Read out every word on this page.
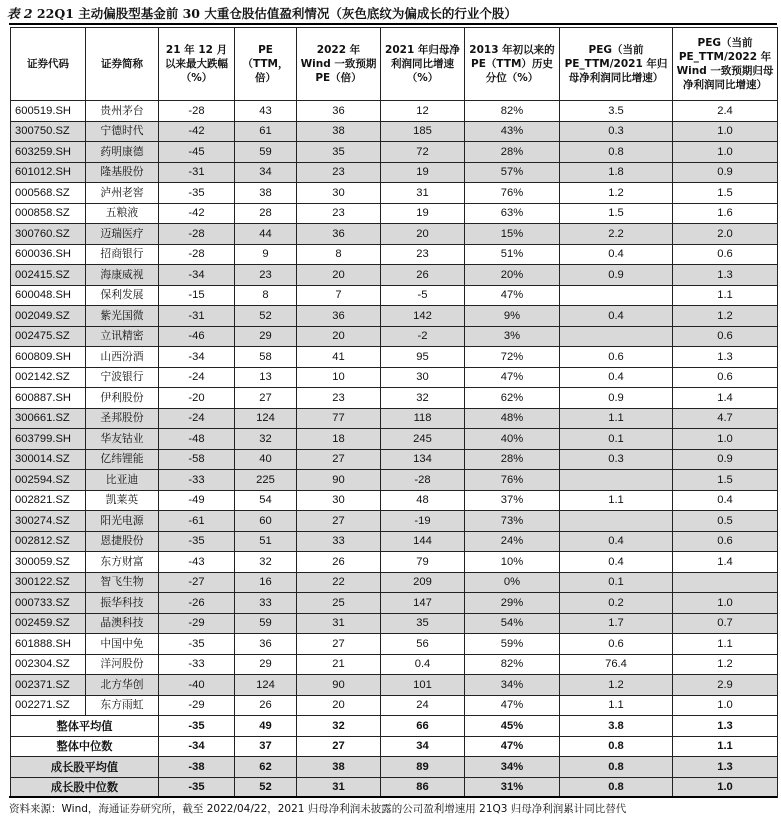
表 2 22Q1 主动偏股型基金前 30 大重仓股估值盈利情况（灰色底纹为偏成长的行业个股）
证券代码	证券简称	21 年 12 月以来最大跌幅（%）	PE（TTM，倍）	2022 年 Wind 一致预期 PE（倍）	2021 年归母净利润同比增速（%）	2013 年初以来的 PE（TTM）历史分位（%）	PEG（当前 PE_TTM/2021 年归母净利润同比增速）	PEG（当前 PE_TTM/2022 年 Wind 一致预期归母净利润同比增速）
600519.SH	贵州茅台	-28	43	36	12	82%	3.5	2.4
300750.SZ	宁德时代	-42	61	38	185	43%	0.3	1.0
603259.SH	药明康德	-45	59	35	72	28%	0.8	1.0
601012.SH	隆基股份	-31	34	23	19	57%	1.8	0.9
000568.SZ	泸州老窖	-35	38	30	31	76%	1.2	1.5
000858.SZ	五粮液	-42	28	23	19	63%	1.5	1.6
300760.SZ	迈瑞医疗	-28	44	36	20	15%	2.2	2.0
600036.SH	招商银行	-28	9	8	23	51%	0.4	0.6
002415.SZ	海康威视	-34	23	20	26	20%	0.9	1.3
600048.SH	保利发展	-15	8	7	-5	47%		1.1
002049.SZ	紫光国微	-31	52	36	142	9%	0.4	1.2
002475.SZ	立讯精密	-46	29	20	-2	3%		0.6
600809.SH	山西汾酒	-34	58	41	95	72%	0.6	1.3
002142.SZ	宁波银行	-24	13	10	30	47%	0.4	0.6
600887.SH	伊利股份	-20	27	23	32	62%	0.9	1.4
300661.SZ	圣邦股份	-24	124	77	118	48%	1.1	4.7
603799.SH	华友钴业	-48	32	18	245	40%	0.1	1.0
300014.SZ	亿纬锂能	-58	40	27	134	28%	0.3	0.9
002594.SZ	比亚迪	-33	225	90	-28	76%		1.5
002821.SZ	凯莱英	-49	54	30	48	37%	1.1	0.4
300274.SZ	阳光电源	-61	60	27	-19	73%		0.5
002812.SZ	恩捷股份	-35	51	33	144	24%	0.4	0.6
300059.SZ	东方财富	-43	32	26	79	10%	0.4	1.4
300122.SZ	智飞生物	-27	16	22	209	0%	0.1	
000733.SZ	振华科技	-26	33	25	147	29%	0.2	1.0
002459.SZ	晶澳科技	-29	59	31	35	54%	1.7	0.7
601888.SH	中国中免	-35	36	27	56	59%	0.6	1.1
002304.SZ	洋河股份	-33	29	21	0.4	82%	76.4	1.2
002371.SZ	北方华创	-40	124	90	101	34%	1.2	2.9
002271.SZ	东方雨虹	-29	26	20	24	47%	1.1	1.0
整体平均值		-35	49	32	66	45%	3.8	1.3
整体中位数		-34	37	27	34	47%	0.8	1.1
成长股平均值		-38	62	38	89	34%	0.8	1.3
成长股中位数		-35	52	31	86	31%	0.8	1.0
资料来源：Wind，海通证券研究所，截至 2022/04/22，2021 归母净利润未披露的公司盈利增速用 21Q3 归母净利润累计同比替代
